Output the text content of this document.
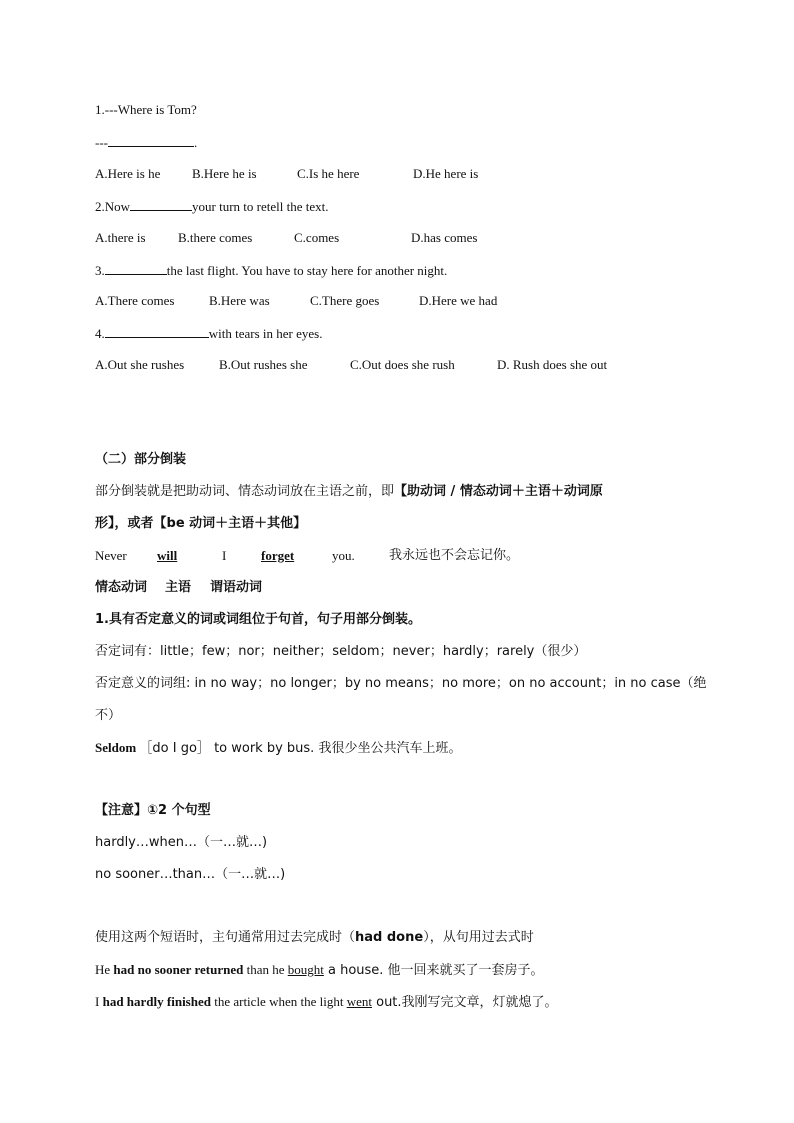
1.---Where is Tom?
---	.
A.Here is he B.Here he is	C.Is he here	D.He here is
2.Now	your turn to retell the text.
A.there is B.there comes	C.comes	D.has comes
3.	the last flight. You have to stay here for another night.
A.There comes	B.Here was	C.There goes	D.Here we had
4.	with tears in her eyes.
A.Out she rushes	B.Out rushes she	C.Out does she rush	D. Rush does she out
（二）部分倒装
部分倒装就是把助动词、情态动词放在主语之前，即【助动词 / 情态动词＋主语＋动词原
形】，或者【be 动词＋主语＋其他】
Never will	I	forget	you.	我永远也不会忘记你。
情态动词 主语 谓语动词
1.具有否定意义的词或词组位于句首，句子用部分倒装。
否定词有：little；few；nor；neither；seldom；never；hardly；rarely（很少）
否定意义的词组: in no way；no longer；by no means；no more；on no account；in no case（绝
不）
Seldom ［do I go］ to work by bus. 我很少坐公共汽车上班。
【注意】①2 个句型
hardly…when…（一…就…)
no sooner…than…（一…就…)
使用这两个短语时，主句通常用过去完成时（had done），从句用过去式时
He had no sooner returned than he bought a house. 他一回来就买了一套房子。
I had hardly finished the article when the light went out.我刚写完文章，灯就熄了。
